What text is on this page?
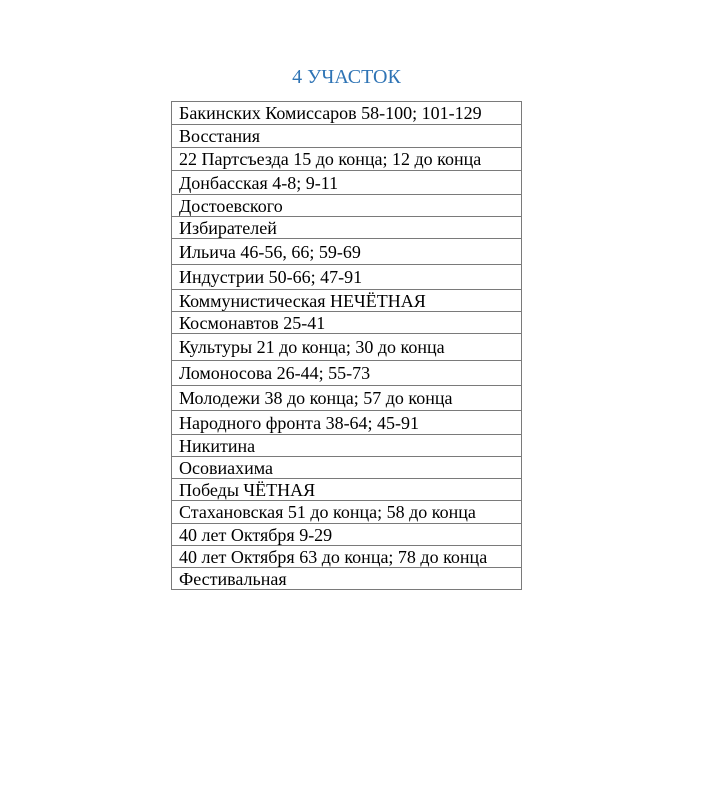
4 УЧАСТОК
Бакинских Комиссаров 58-100; 101-129
Восстания
22 Партсъезда 15 до конца; 12 до конца
Донбасская 4-8; 9-11
Достоевского
Избирателей
Ильича 46-56, 66; 59-69
Индустрии 50-66; 47-91
Коммунистическая НЕЧЁТНАЯ
Космонавтов 25-41
Культуры 21 до конца; 30 до конца
Ломоносова 26-44; 55-73
Молодежи 38 до конца; 57 до конца
Народного фронта 38-64; 45-91
Никитина
Осовиахима
Победы ЧЁТНАЯ
Стахановская 51 до конца; 58 до конца
40 лет Октября 9-29
40 лет Октября 63 до конца; 78 до конца
Фестивальная
